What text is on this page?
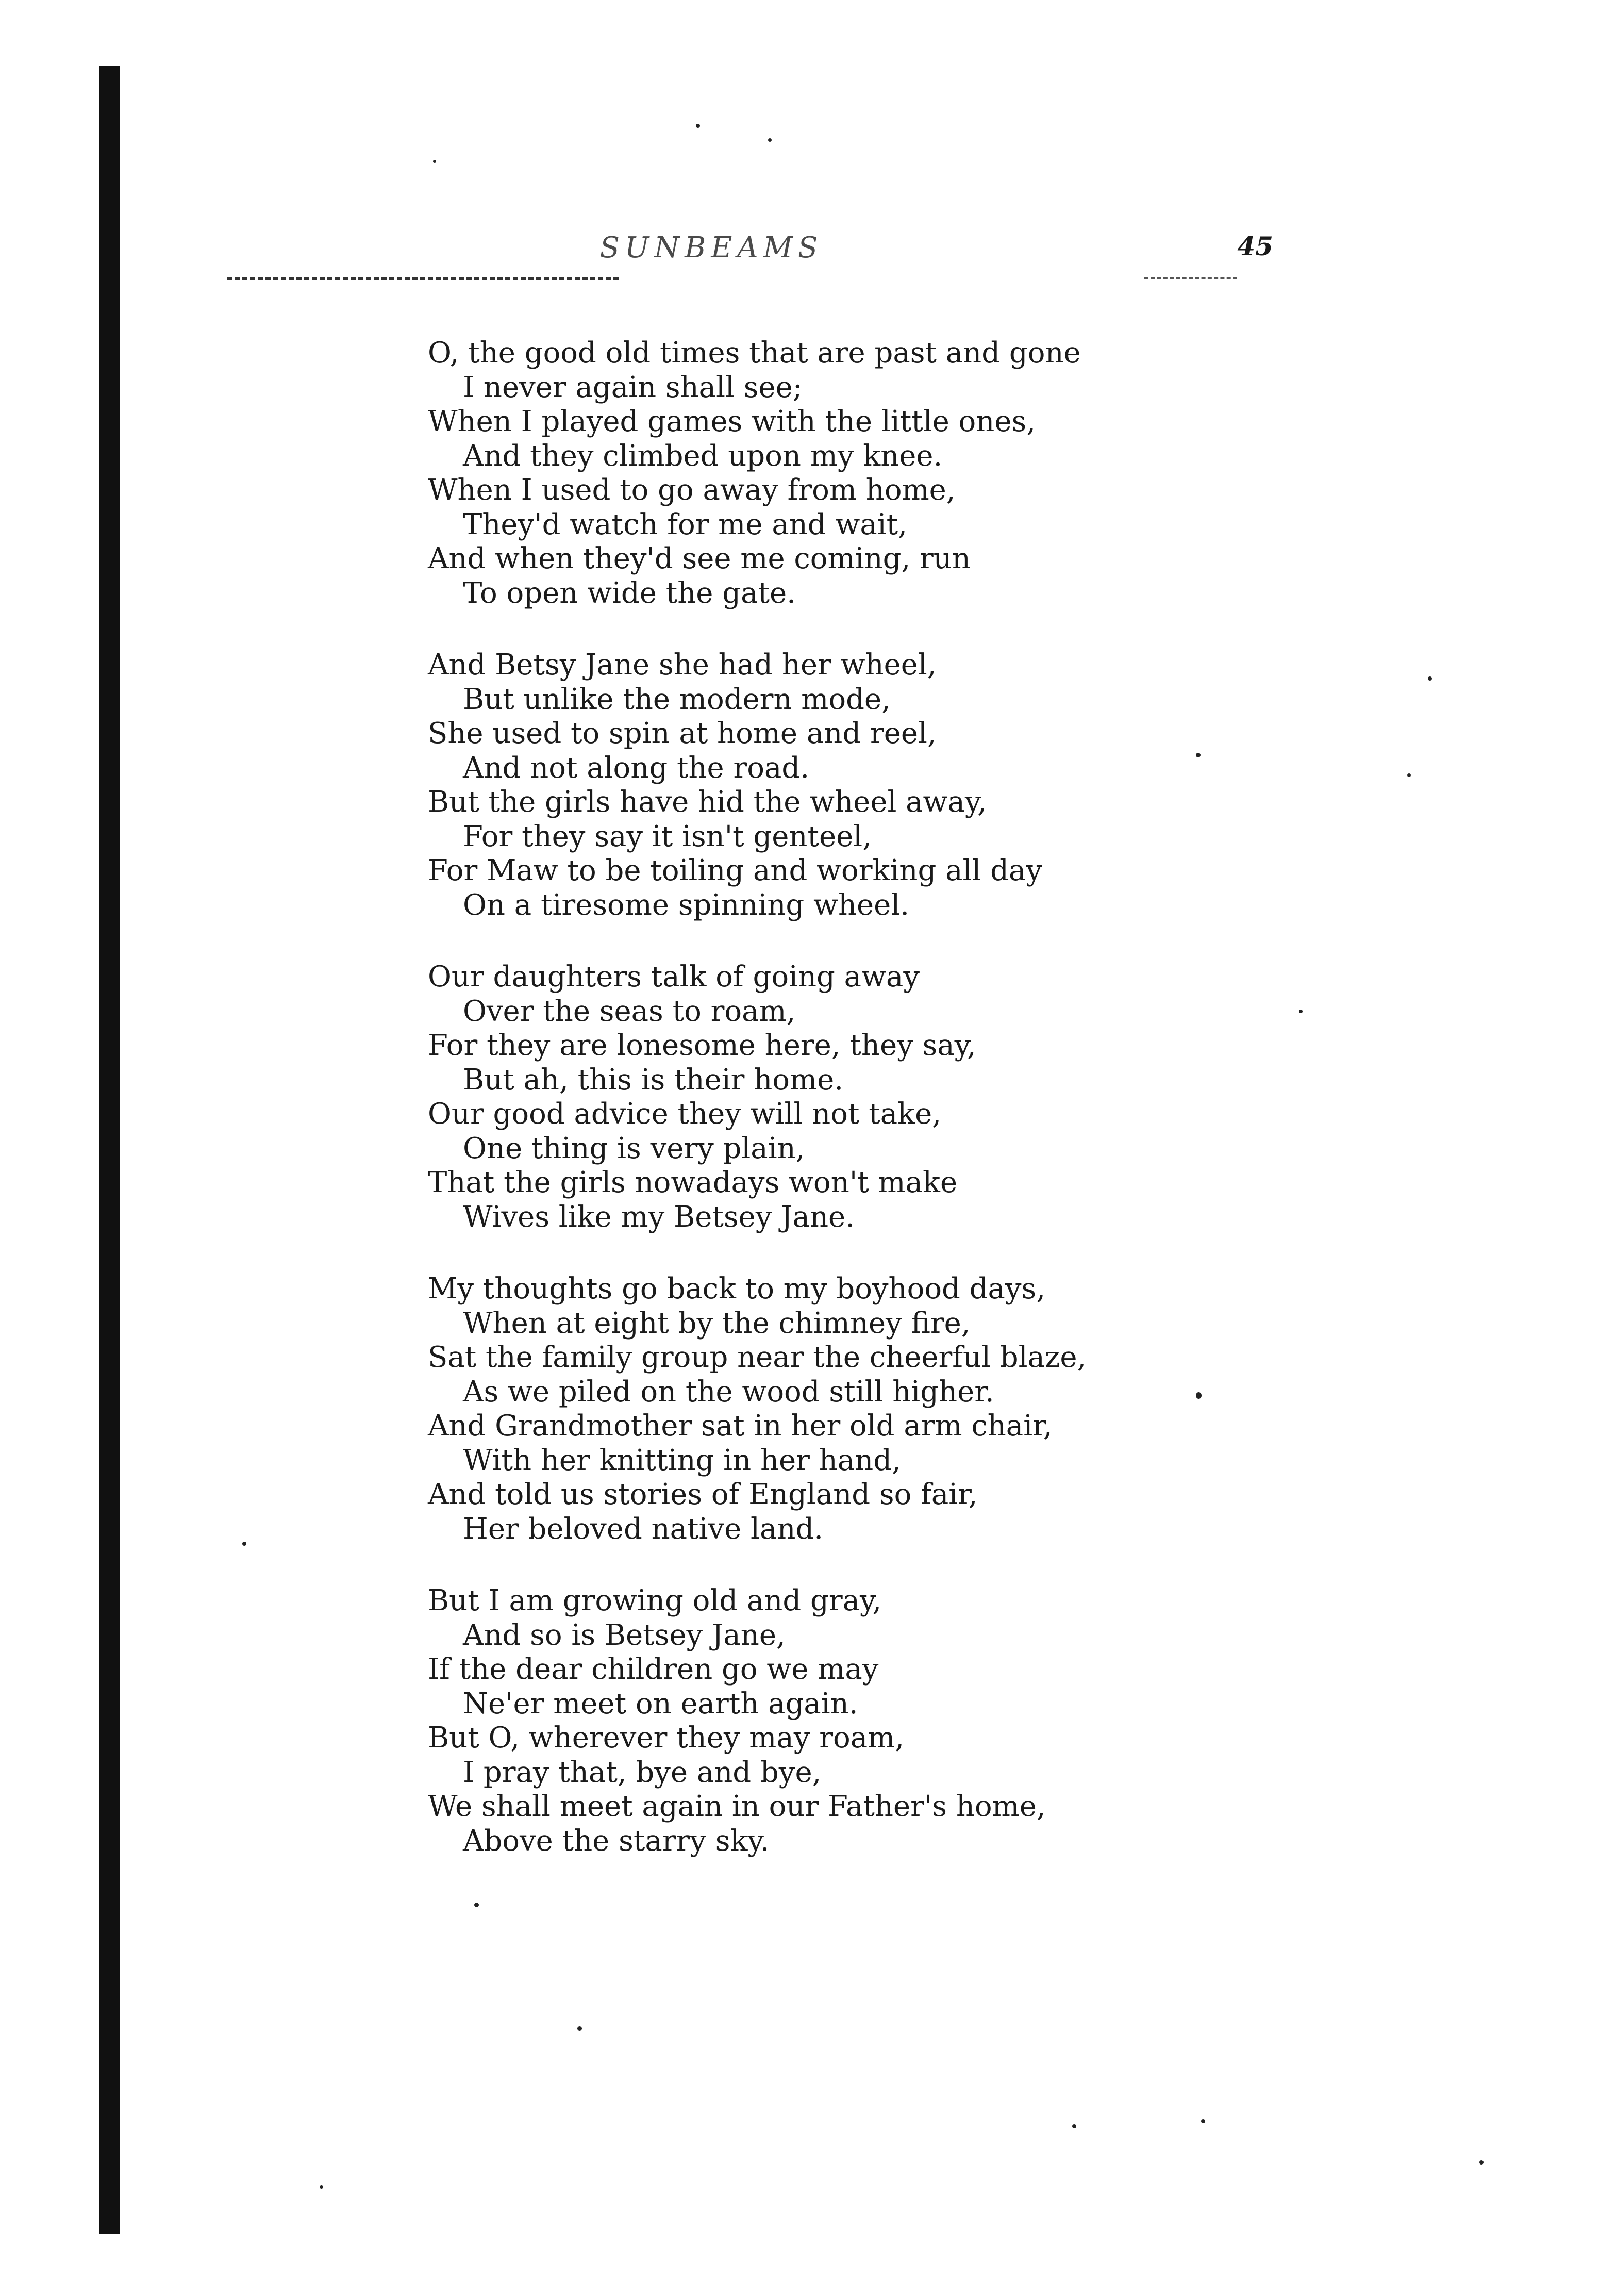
SUNBEAMS	45
O, the good old times that are past and gone
I never again shall see;
When I played games with the little ones,
And they climbed upon my knee.
When I used to go away from home,
They'd watch for me and wait,
And when they'd see me coming, run
To open wide the gate.
And Betsy Jane she had her wheel,
But unlike the modern mode,
She used to spin at home and reel,
And not along the road.
But the girls have hid the wheel away,
For they say it isn't genteel,
For Maw to be toiling and working all day
On a tiresome spinning wheel.
Our daughters talk of going away
Over the seas to roam,
For they are lonesome here, they say,
But ah, this is their home.
Our good advice they will not take,
One thing is very plain,
That the girls nowadays won't make
Wives like my Betsey Jane.
My thoughts go back to my boyhood days,
When at eight by the chimney fire,
Sat the family group near the cheerful blaze,
As we piled on the wood still higher.
And Grandmother sat in her old arm chair,
With her knitting in her hand,
And told us stories of England so fair,
Her beloved native land.
But I am growing old and gray,
And so is Betsey Jane,
If the dear children go we may
Ne'er meet on earth again.
But O, wherever they may roam,
I pray that, bye and bye,
We shall meet again in our Father's home,
Above the starry sky.
